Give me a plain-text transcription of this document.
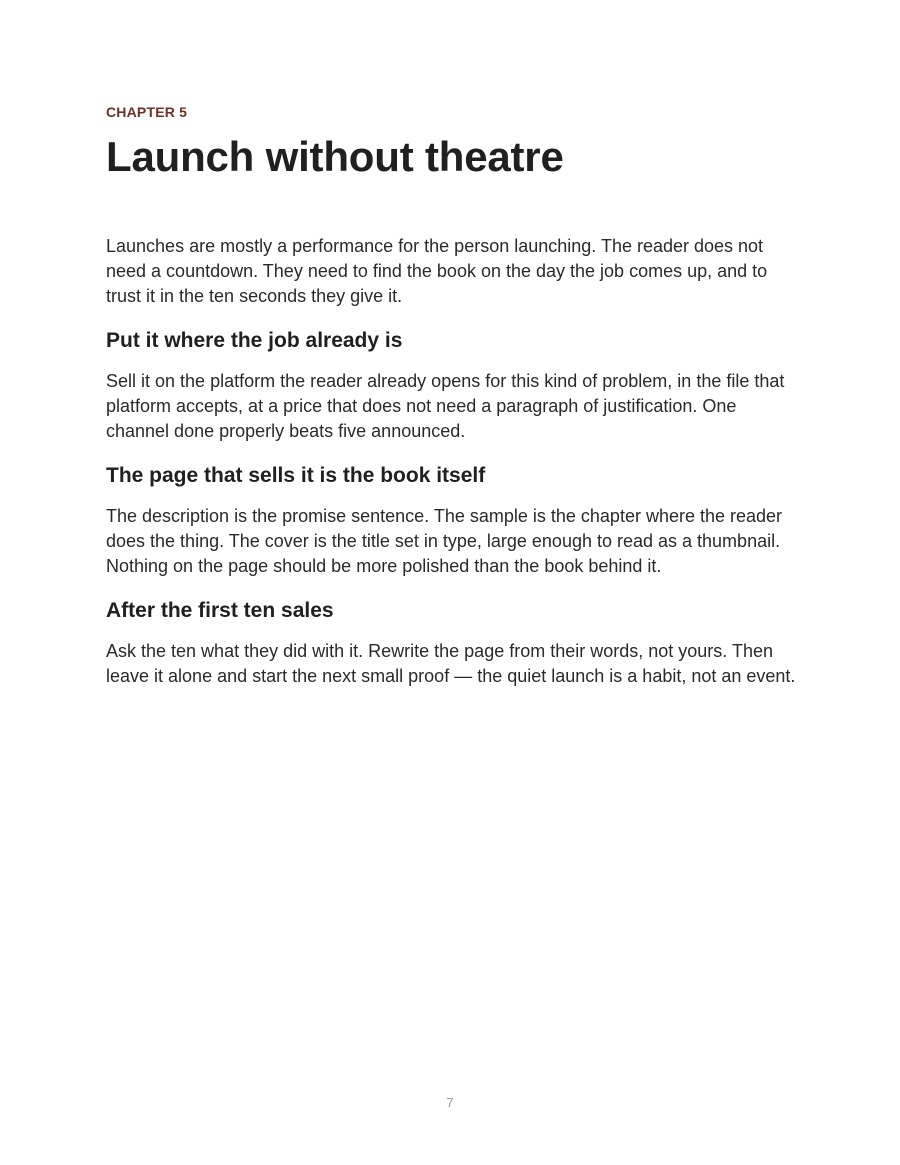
CHAPTER 5
Launch without theatre

Launches are mostly a performance for the person launching. The reader does not need a countdown. They need to find the book on the day the job comes up, and to trust it in the ten seconds they give it.

Put it where the job already is

Sell it on the platform the reader already opens for this kind of problem, in the file that platform accepts, at a price that does not need a paragraph of justification. One channel done properly beats five announced.

The page that sells it is the book itself

The description is the promise sentence. The sample is the chapter where the reader does the thing. The cover is the title set in type, large enough to read as a thumbnail. Nothing on the page should be more polished than the book behind it.

After the first ten sales

Ask the ten what they did with it. Rewrite the page from their words, not yours. Then leave it alone and start the next small proof — the quiet launch is a habit, not an event.

7
